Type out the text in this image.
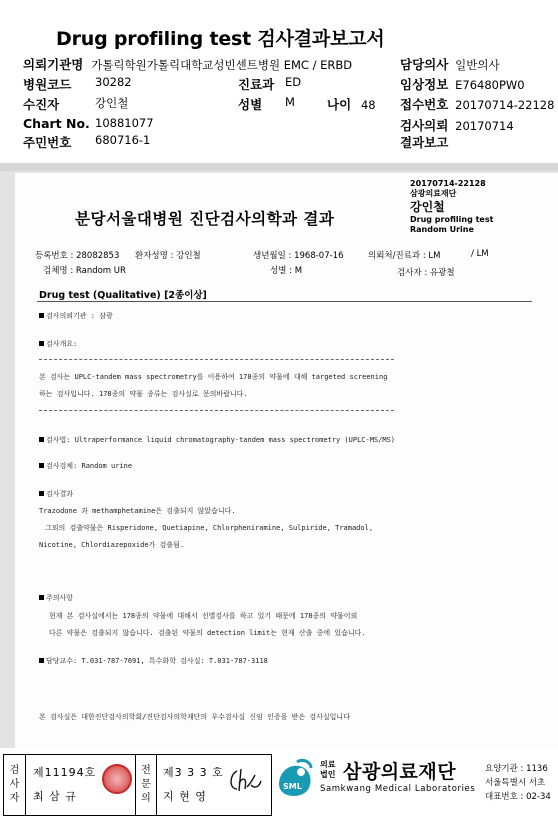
Drug profiling test 검사결과보고서
의뢰기관명 가톨릭학원가톨릭대학교성빈센트병원 EMC / ERBD
병원코드 30282
수진자	강인철
Chart No. 10881077
주민번호 680716-1
진료과 ED
성별 M	나이 48
담당의사 일반의사
임상정보 E76480PW0
접수번호 20170714-22128
검사의뢰 20170714
결과보고
20170714-22128
삼광의료재단
강인철
Drug profiling test
Random Urine
분당서울대병원 진단검사의학과 결과
등록번호 : 28082853 환자성명 : 강인철	생년월일 : 1968-07-16	의뢰처/진료과 : LM	/ LM
검체명 : Random UR	성별 : M	검사자 : 유광철
Drug test (Qualitative) [2종이상]
검사의뢰기관 : 삼광
검사개요:
본 검사는 UPLC-tandem mass spectrometry를 이용하여 178종의 약물에 대해 targeted screening
하는 검사입니다. 178종의 약물 종류는 검사실로 문의바랍니다.
검사법: Ultraperformance liquid chromatography-tandem mass spectrometry (UPLC-MS/MS)
검사검체: Random urine
검사결과
Trazodone 과 methamphetamine은 검출되지 않았습니다.
그외의 검출약물은 Risperidone, Quetiapine, Chlorpheniramine, Sulpiride, Tramadol,
Nicotine, Chlordiazepoxide가 검출됨.
주의사항
현재 본 검사실에서는 178종의 약물에 대해서 선별검사를 하고 있기 때문에 178종의 약물이외
다른 약물은 검출되지 않습니다. 검출된 약물의 detection limit는 현재 산출 중에 있습니다.
담당교수: T.031-787-7691, 특수화학 검사실: T.031-787-3118
본 검사실은 대한진단검사의학회/진단검사의학재단의 우수검사실 신임 인증을 받은 검사실입니다
검
사
자
제11194호
최 삼 규
전
문
의
제3 3 3 호
지 현 영
SML
의료
법인 삼광의료재단
Samkwang Medical Laboratories
요양기관 : 1136
서울특별시 서초
대표번호 : 02-34
